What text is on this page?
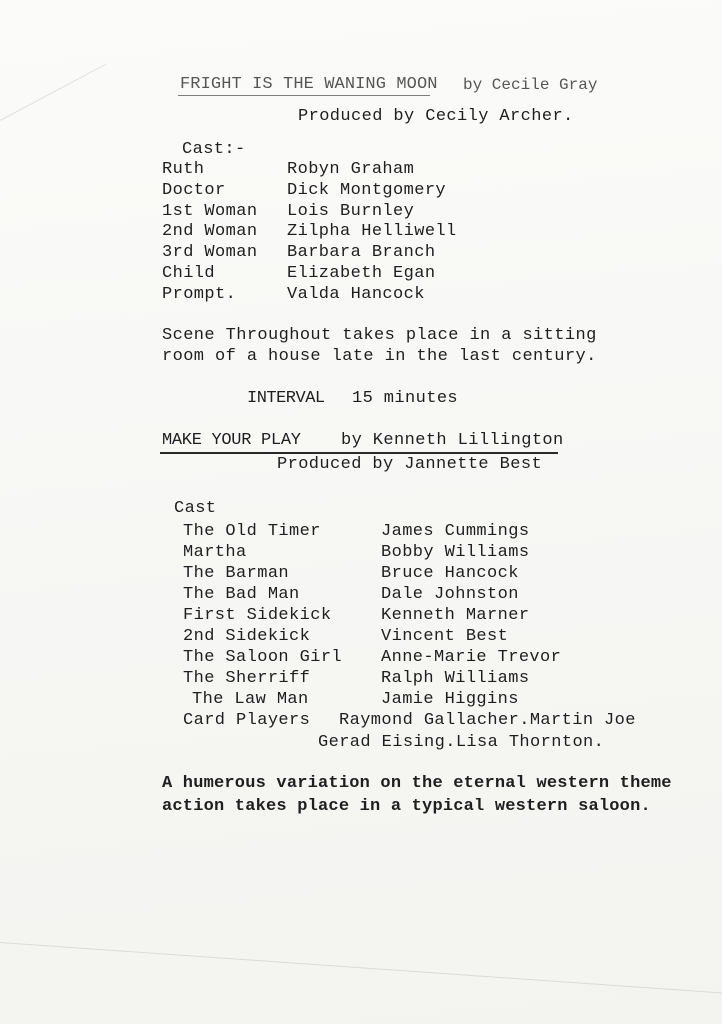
FRIGHT IS THE WANING MOON by Cecile Gray
Produced by Cecily Archer.
Cast:-
Ruth	Robyn Graham
Doctor	Dick Montgomery
1st Woman Lois Burnley
2nd Woman Zilpha Helliwell
3rd Woman Barbara Branch
Child	Elizabeth Egan
Prompt.	Valda Hancock
Scene Throughout takes place in a sitting
room of a house late in the last century.
INTERVAL 15 minutes
MAKE YOUR PLAY by Kenneth Lillington
Produced by Jannette Best
Cast
The Old Timer	James Cummings
Martha	Bobby Williams
The Barman	Bruce Hancock
The Bad Man	Dale Johnston
First Sidekick	Kenneth Marner
2nd Sidekick	Vincent Best
The Saloon Girl Anne-Marie Trevor
The Sherriff	Ralph Williams
The Law Man	Jamie Higgins
Card Players Raymond Gallacher.Martin Joe
Gerad Eising.Lisa Thornton.
A humerous variation on the eternal western theme
action takes place in a typical western saloon.
